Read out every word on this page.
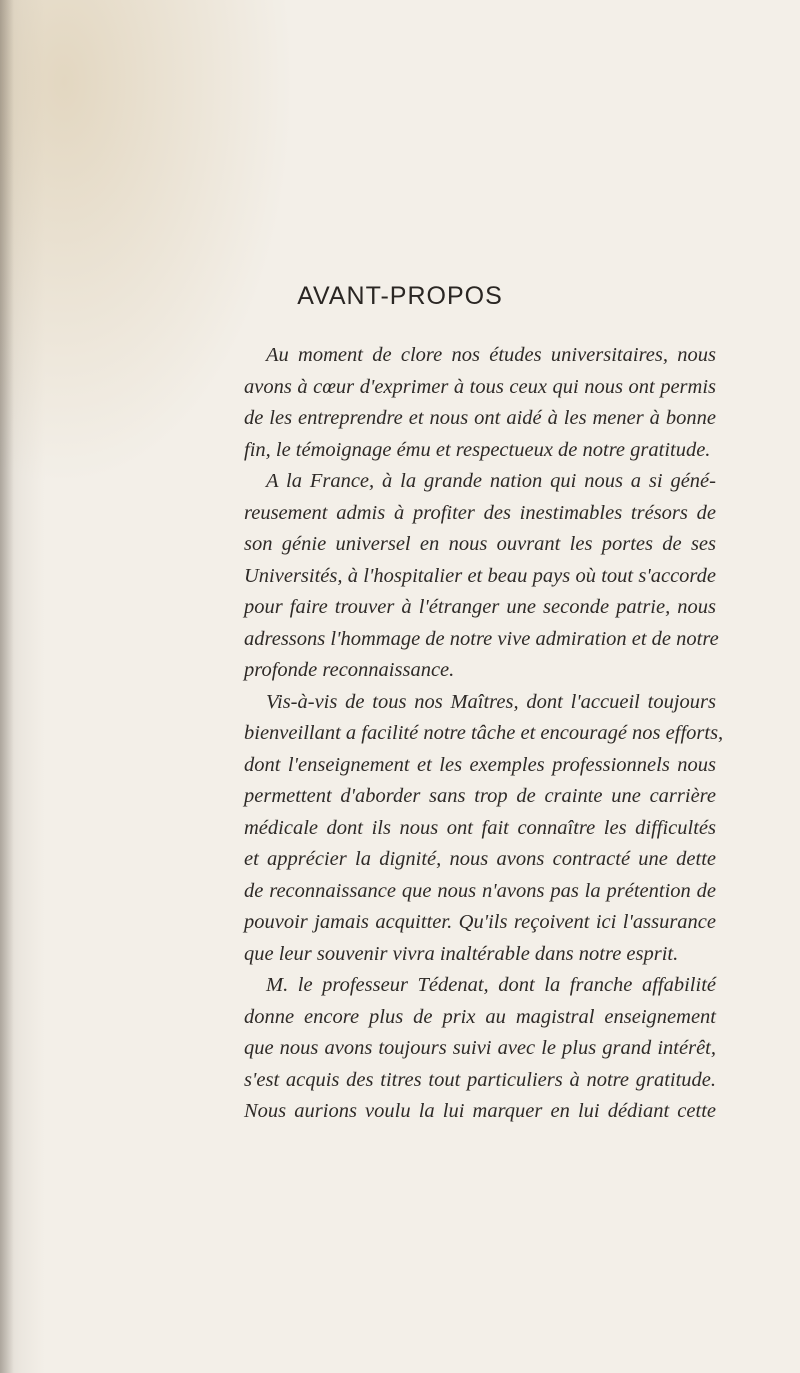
AVANT-PROPOS
Au moment de clore nos études universitaires, nous
avons à cœur d'exprimer à tous ceux qui nous ont permis
de les entreprendre et nous ont aidé à les mener à bonne
fin, le témoignage ému et respectueux de notre gratitude.
A la France, à la grande nation qui nous a si géné-
reusement admis à profiter des inestimables trésors de
son génie universel en nous ouvrant les portes de ses
Universités, à l'hospitalier et beau pays où tout s'accorde
pour faire trouver à l'étranger une seconde patrie, nous
adressons l'hommage de notre vive admiration et de notre
profonde reconnaissance.
Vis-à-vis de tous nos Maîtres, dont l'accueil toujours
bienveillant a facilité notre tâche et encouragé nos efforts,
dont l'enseignement et les exemples professionnels nous
permettent d'aborder sans trop de crainte une carrière
médicale dont ils nous ont fait connaître les difficultés
et apprécier la dignité, nous avons contracté une dette
de reconnaissance que nous n'avons pas la prétention de
pouvoir jamais acquitter. Qu'ils reçoivent ici l'assurance
que leur souvenir vivra inaltérable dans notre esprit.
M. le professeur Tédenat, dont la franche affabilité
donne encore plus de prix au magistral enseignement
que nous avons toujours suivi avec le plus grand intérêt,
s'est acquis des titres tout particuliers à notre gratitude.
Nous aurions voulu la lui marquer en lui dédiant cette
